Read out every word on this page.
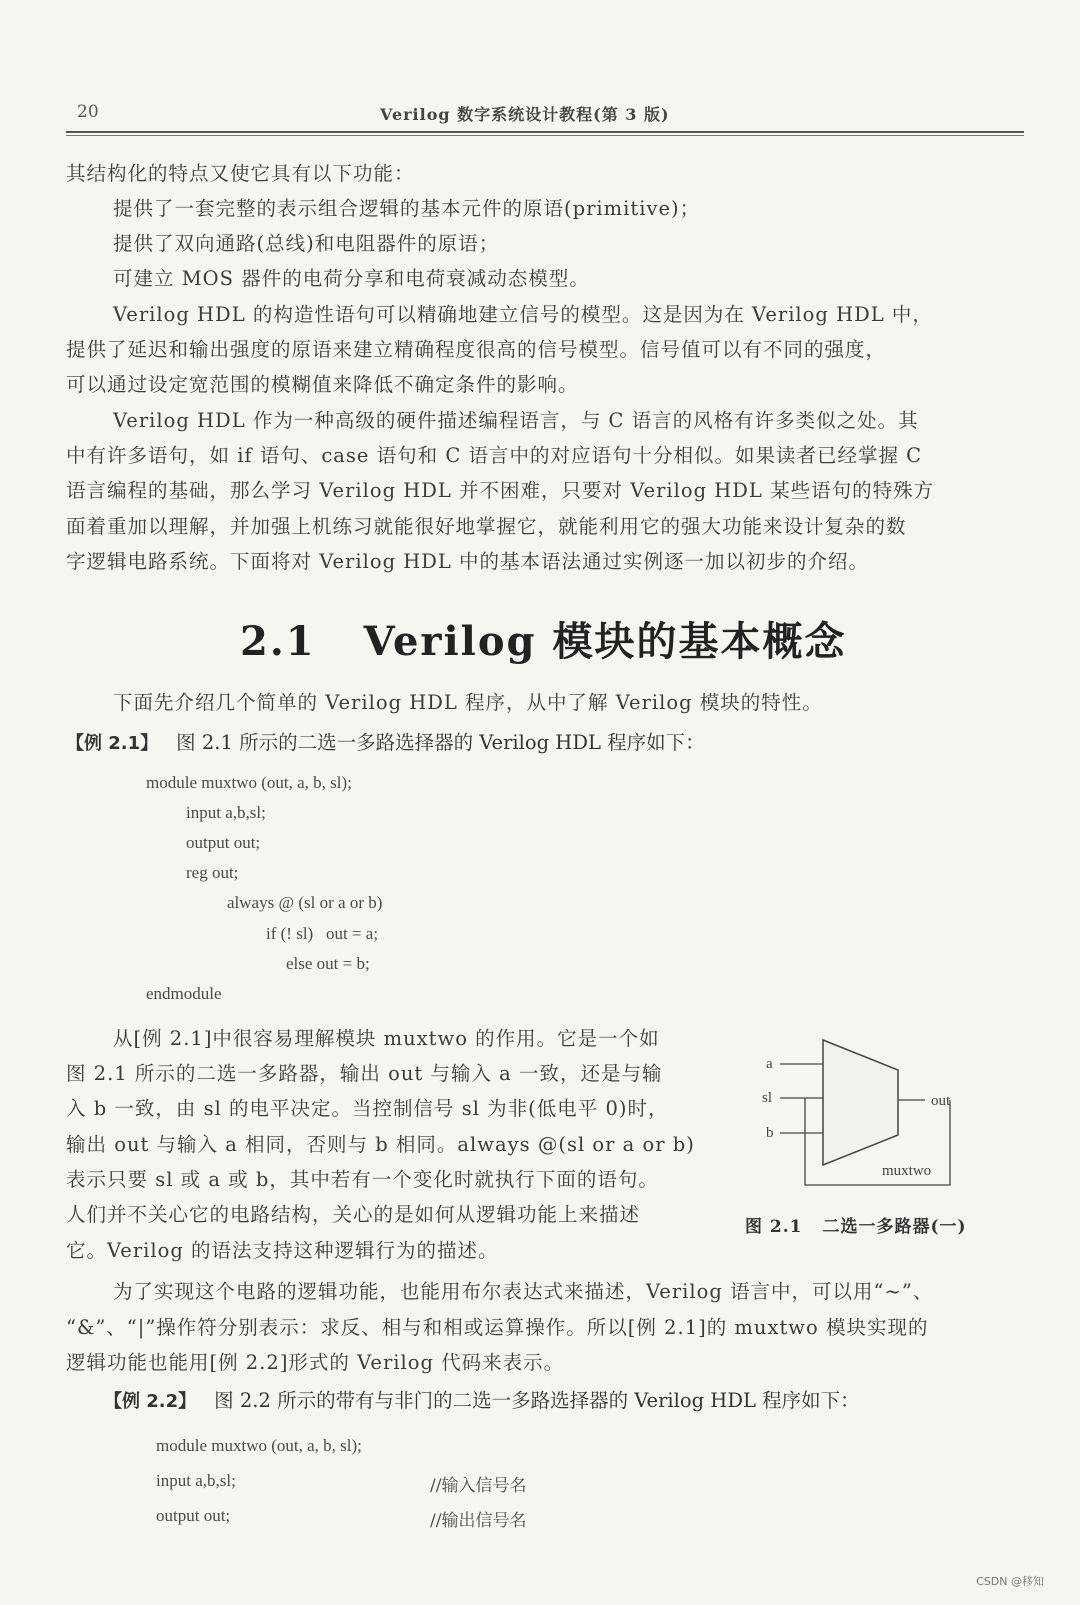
20	Verilog 数字系统设计教程(第 3 版)
其结构化的特点又使它具有以下功能：
提供了一套完整的表示组合逻辑的基本元件的原语(primitive)；
提供了双向通路(总线)和电阻器件的原语；
可建立 MOS 器件的电荷分享和电荷衰减动态模型。
Verilog HDL 的构造性语句可以精确地建立信号的模型。这是因为在 Verilog HDL 中，
提供了延迟和输出强度的原语来建立精确程度很高的信号模型。信号值可以有不同的强度，
可以通过设定宽范围的模糊值来降低不确定条件的影响。
Verilog HDL 作为一种高级的硬件描述编程语言，与 C 语言的风格有许多类似之处。其
中有许多语句，如 if 语句、case 语句和 C 语言中的对应语句十分相似。如果读者已经掌握 C
语言编程的基础，那么学习 Verilog HDL 并不困难，只要对 Verilog HDL 某些语句的特殊方
面着重加以理解，并加强上机练习就能很好地掌握它，就能利用它的强大功能来设计复杂的数
字逻辑电路系统。下面将对 Verilog HDL 中的基本语法通过实例逐一加以初步的介绍。
2.1 Verilog 模块的基本概念
下面先介绍几个简单的 Verilog HDL 程序，从中了解 Verilog 模块的特性。
【例 2.1】 图 2.1 所示的二选一多路选择器的 Verilog HDL 程序如下：
module muxtwo (out, a, b, sl);
input a,b,sl;
output out;
reg out;
always @ (sl or a or b)
if (! sl)   out = a;
else out = b;
endmodule
从[例 2.1]中很容易理解模块 muxtwo 的作用。它是一个如
图 2.1 所示的二选一多路器，输出 out 与输入 a 一致，还是与输
入 b 一致，由 sl 的电平决定。当控制信号 sl 为非(低电平 0)时，
输出 out 与输入 a 相同，否则与 b 相同。always @(sl or a or b)
表示只要 sl 或 a 或 b，其中若有一个变化时就执行下面的语句。
人们并不关心它的电路结构，关心的是如何从逻辑功能上来描述
它。Verilog 的语法支持这种逻辑行为的描述。
a
sl
b
out
muxtwo
图 2.1 二选一多路器(一)
为了实现这个电路的逻辑功能，也能用布尔表达式来描述，Verilog 语言中，可以用“~”、
“&”、“|”操作符分别表示：求反、相与和相或运算操作。所以[例 2.1]的 muxtwo 模块实现的
逻辑功能也能用[例 2.2]形式的 Verilog 代码来表示。
【例 2.2】 图 2.2 所示的带有与非门的二选一多路选择器的 Verilog HDL 程序如下：
module muxtwo (out, a, b, sl);
input a,b,sl;	//输入信号名
output out;	//输出信号名
CSDN @移知
